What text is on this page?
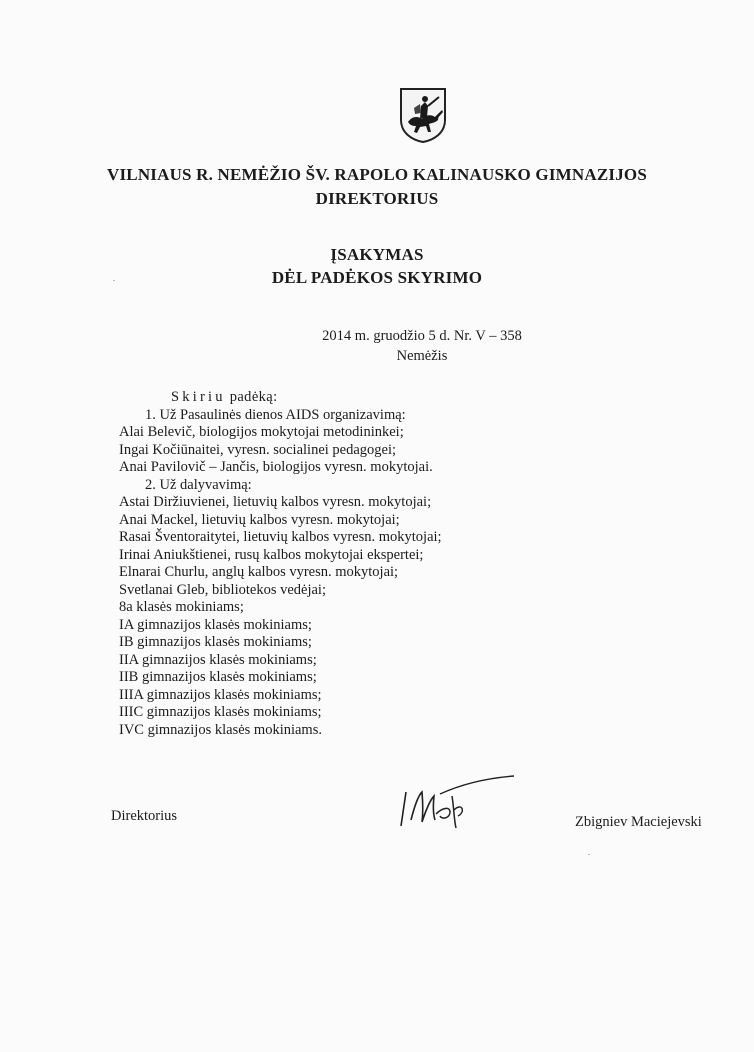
VILNIAUS R. NEMĖŽIO ŠV. RAPOLO KALINAUSKO GIMNAZIJOS
DIREKTORIUS
ĮSAKYMAS
DĖL PADĖKOS SKYRIMO
2014 m. gruodžio 5 d. Nr. V – 358
Nemėžis
Skiriu padėką:
1. Už Pasaulinės dienos AIDS organizavimą:
Alai Belevič, biologijos mokytojai metodininkei;
Ingai Kočiūnaitei, vyresn. socialinei pedagogei;
Anai Pavilovič – Jančis, biologijos vyresn. mokytojai.
2. Už dalyvavimą:
Astai Diržiuvienei, lietuvių kalbos vyresn. mokytojai;
Anai Mackel, lietuvių kalbos vyresn. mokytojai;
Rasai Šventoraitytei, lietuvių kalbos vyresn. mokytojai;
Irinai Aniukštienei, rusų kalbos mokytojai ekspertei;
Elnarai Churlu, anglų kalbos vyresn. mokytojai;
Svetlanai Gleb, bibliotekos vedėjai;
8a klasės mokiniams;
IA gimnazijos klasės mokiniams;
IB gimnazijos klasės mokiniams;
IIA gimnazijos klasės mokiniams;
IIB gimnazijos klasės mokiniams;
IIIA gimnazijos klasės mokiniams;
IIIC gimnazijos klasės mokiniams;
IVC gimnazijos klasės mokiniams.
Direktorius	Zbigniev Maciejevski
